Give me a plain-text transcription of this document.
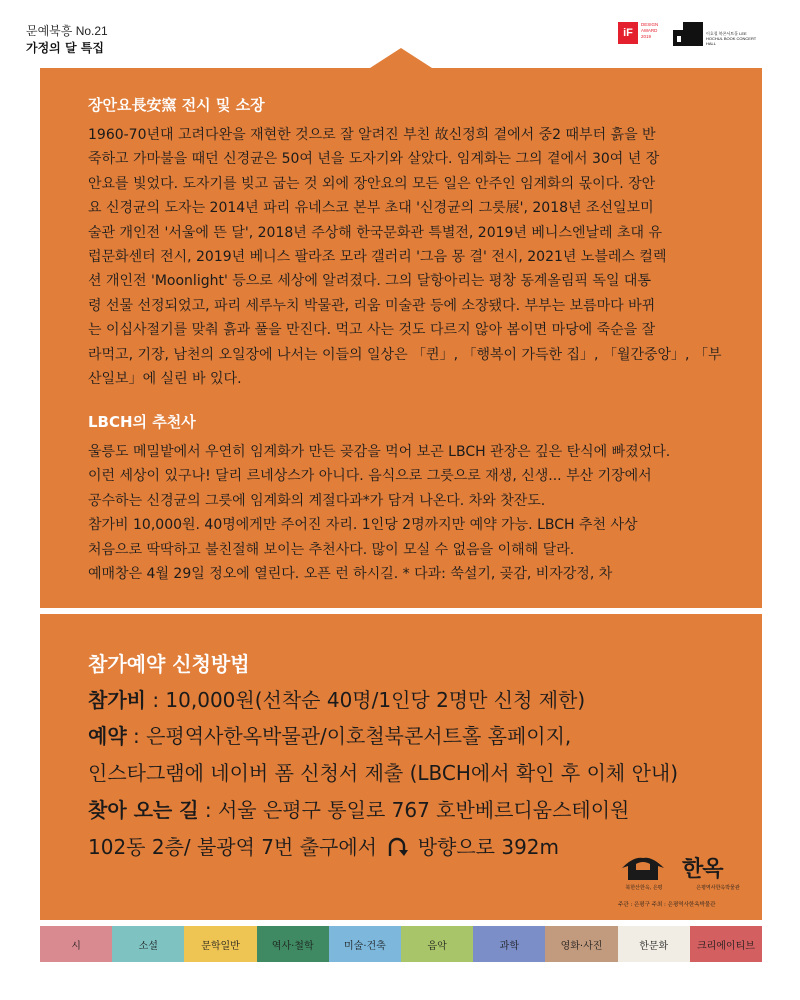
문예북흥 No.21
가정의 달 특집
iF
DESIGN AWARD 2019
이호철 북콘서트홀 LEE HOCHUL BOOK CONCERT HALL
장안요長安窯 전시 및 소장

1960-70년대 고려다완을 재현한 것으로 잘 알려진 부친 故신정희 곁에서 중2 때부터 흙을 반

죽하고 가마불을 때던 신경균은 50여 년을 도자기와 살았다. 임계화는 그의 곁에서 30여 년 장

안요를 빛었다. 도자기를 빚고 굽는 것 외에 장안요의 모든 일은 안주인 임계화의 몫이다. 장안

요 신경균의 도자는 2014년 파리 유네스코 본부 초대 '신경균의 그릇展', 2018년 조선일보미

술관 개인전 '서울에 뜬 달', 2018년 주상해 한국문화관 특별전, 2019년 베니스엔날레 초대 유

럽문화센터 전시, 2019년 베니스 팔라조 모라 갤러리 '그음 몽 결' 전시, 2021년 노블레스 컬렉

션 개인전 'Moonlight' 등으로 세상에 알려졌다. 그의 달항아리는 평창 동계올림픽 독일 대통

령 선물 선정되었고, 파리 세루누치 박물관, 리움 미술관 등에 소장됐다. 부부는 보름마다 바뀌

는 이십사절기를 맞춰 흙과 풀을 만진다. 먹고 사는 것도 다르지 않아 봄이면 마당에 죽순을 잘

라먹고, 기장, 남천의 오일장에 나서는 이들의 일상은 「퀸」, 「행복이 가득한 집」, 「월간중앙」, 「부

산일보」에 실린 바 있다.

LBCH의 추천사

울릉도 메밀밭에서 우연히 임계화가 만든 곶감을 먹어 보곤 LBCH 관장은 깊은 탄식에 빠졌었다.

이런 세상이 있구나! 달리 르네상스가 아니다. 음식으로 그릇으로 재생, 신생... 부산 기장에서

공수하는 신경균의 그릇에 임계화의 계절다과*가 담겨 나온다. 차와 찻잔도.

참가비 10,000원. 40명에게만 주어진 자리. 1인당 2명까지만 예약 가능. LBCH 추천 사상

처음으로 딱딱하고 불친절해 보이는 추천사다. 많이 모실 수 없음을 이해해 달라.

예매창은 4월 29일 정오에 열린다. 오픈 런 하시길. * 다과: 쑥설기, 곶감, 비자강정, 차

참가예약 신청방법
참가비 : 10,000원(선착순 40명/1인당 2명만 신청 제한)
예약 : 은평역사한옥박물관/이호철북콘서트홀 홈페이지,
인스타그램에 네이버 폼 신청서 제출 (LBCH에서 확인 후 이체 안내)
찾아 오는 길 : 서울 은평구 통일로 767 호반베르디움스테이원
102동 2층/ 불광역 7번 출구에서 방향으로 392m
한옥
북한산한옥, 은평	은평역사한옥박물관
주관 : 은평구 주최 : 은평역사한옥박물관
시	소설	문학일반	역사·철학	미술·건축	음악	과학	영화·사진	한문화	크리에이티브
